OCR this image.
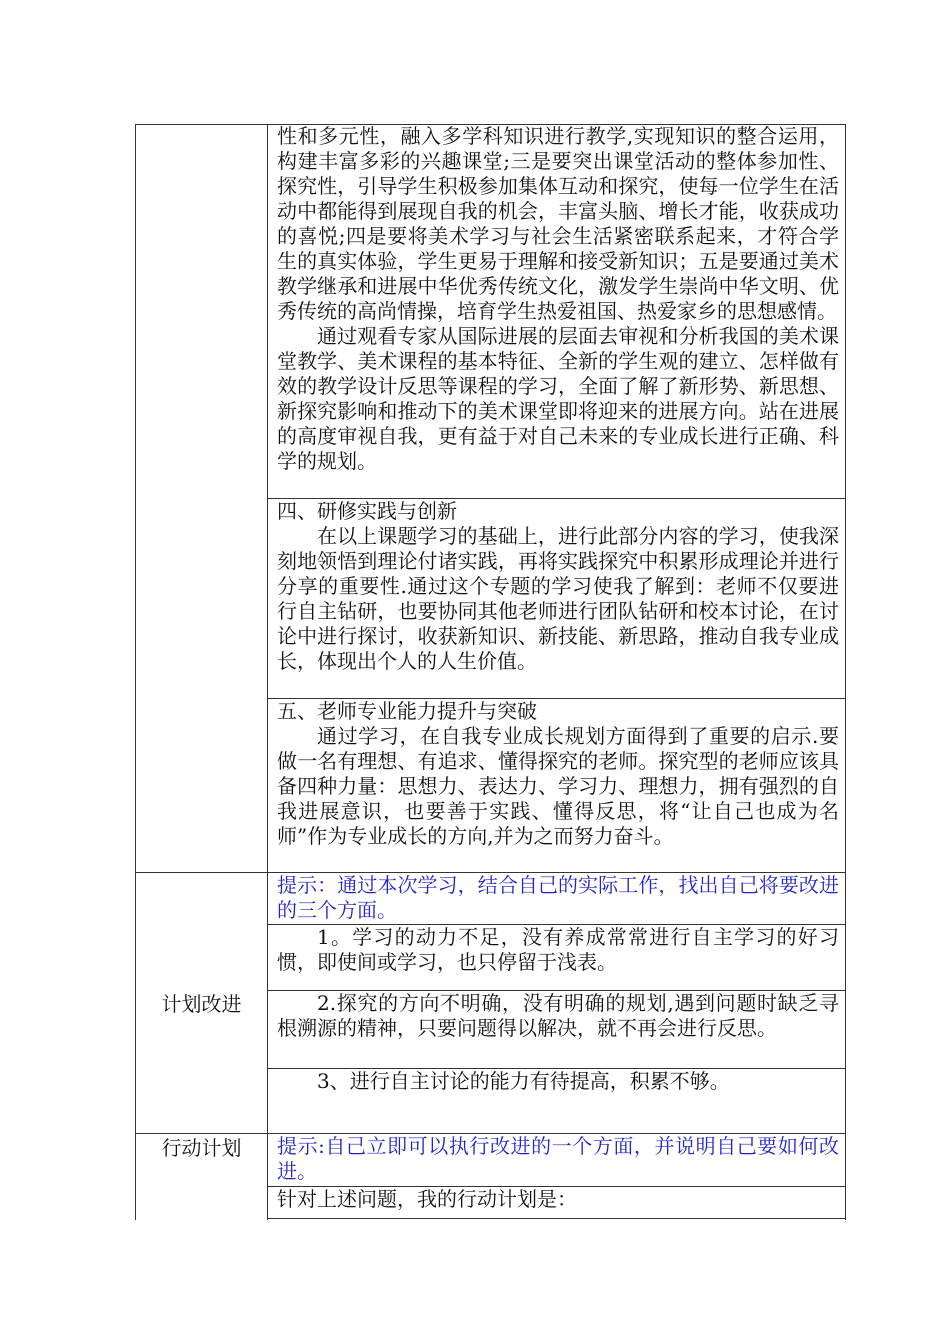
性和多元性，融入多学科知识进行教学,实现知识的整合运用，构建丰富多彩的兴趣课堂;三是要突出课堂活动的整体参加性、探究性，引导学生积极参加集体互动和探究，使每一位学生在活动中都能得到展现自我的机会，丰富头脑、增长才能，收获成功的喜悦;四是要将美术学习与社会生活紧密联系起来，才符合学生的真实体验，学生更易于理解和接受新知识；五是要通过美术教学继承和进展中华优秀传统文化，激发学生崇尚中华文明、优秀传统的高尚情操，培育学生热爱祖国、热爱家乡的思想感情。

通过观看专家从国际进展的层面去审视和分析我国的美术课堂教学、美术课程的基本特征、全新的学生观的建立、怎样做有效的教学设计反思等课程的学习，全面了解了新形势、新思想、新探究影响和推动下的美术课堂即将迎来的进展方向。站在进展的高度审视自我，更有益于对自己未来的专业成长进行正确、科学的规划。

四、研修实践与创新

在以上课题学习的基础上，进行此部分内容的学习，使我深刻地领悟到理论付诸实践，再将实践探究中积累形成理论并进行分享的重要性.通过这个专题的学习使我了解到：老师不仅要进行自主钻研，也要协同其他老师进行团队钻研和校本讨论，在讨论中进行探讨，收获新知识、新技能、新思路，推动自我专业成长，体现出个人的人生价值。

五、老师专业能力提升与突破

通过学习，在自我专业成长规划方面得到了重要的启示.要做一名有理想、有追求、懂得探究的老师。探究型的老师应该具备四种力量：思想力、表达力、学习力、理想力，拥有强烈的自我进展意识，也要善于实践、懂得反思，将“让自己也成为名师”作为专业成长的方向,并为之而努力奋斗。

计划改进

提示：通过本次学习，结合自己的实际工作，找出自己将要改进的三个方面。

1。学习的动力不足，没有养成常常进行自主学习的好习惯，即使间或学习，也只停留于浅表。

2.探究的方向不明确，没有明确的规划,遇到问题时缺乏寻根溯源的精神，只要问题得以解决，就不再会进行反思。

3、进行自主讨论的能力有待提高，积累不够。

行动计划	提示:自己立即可以执行改进的一个方面，并说明自己要如何改进。

针对上述问题，我的行动计划是：
